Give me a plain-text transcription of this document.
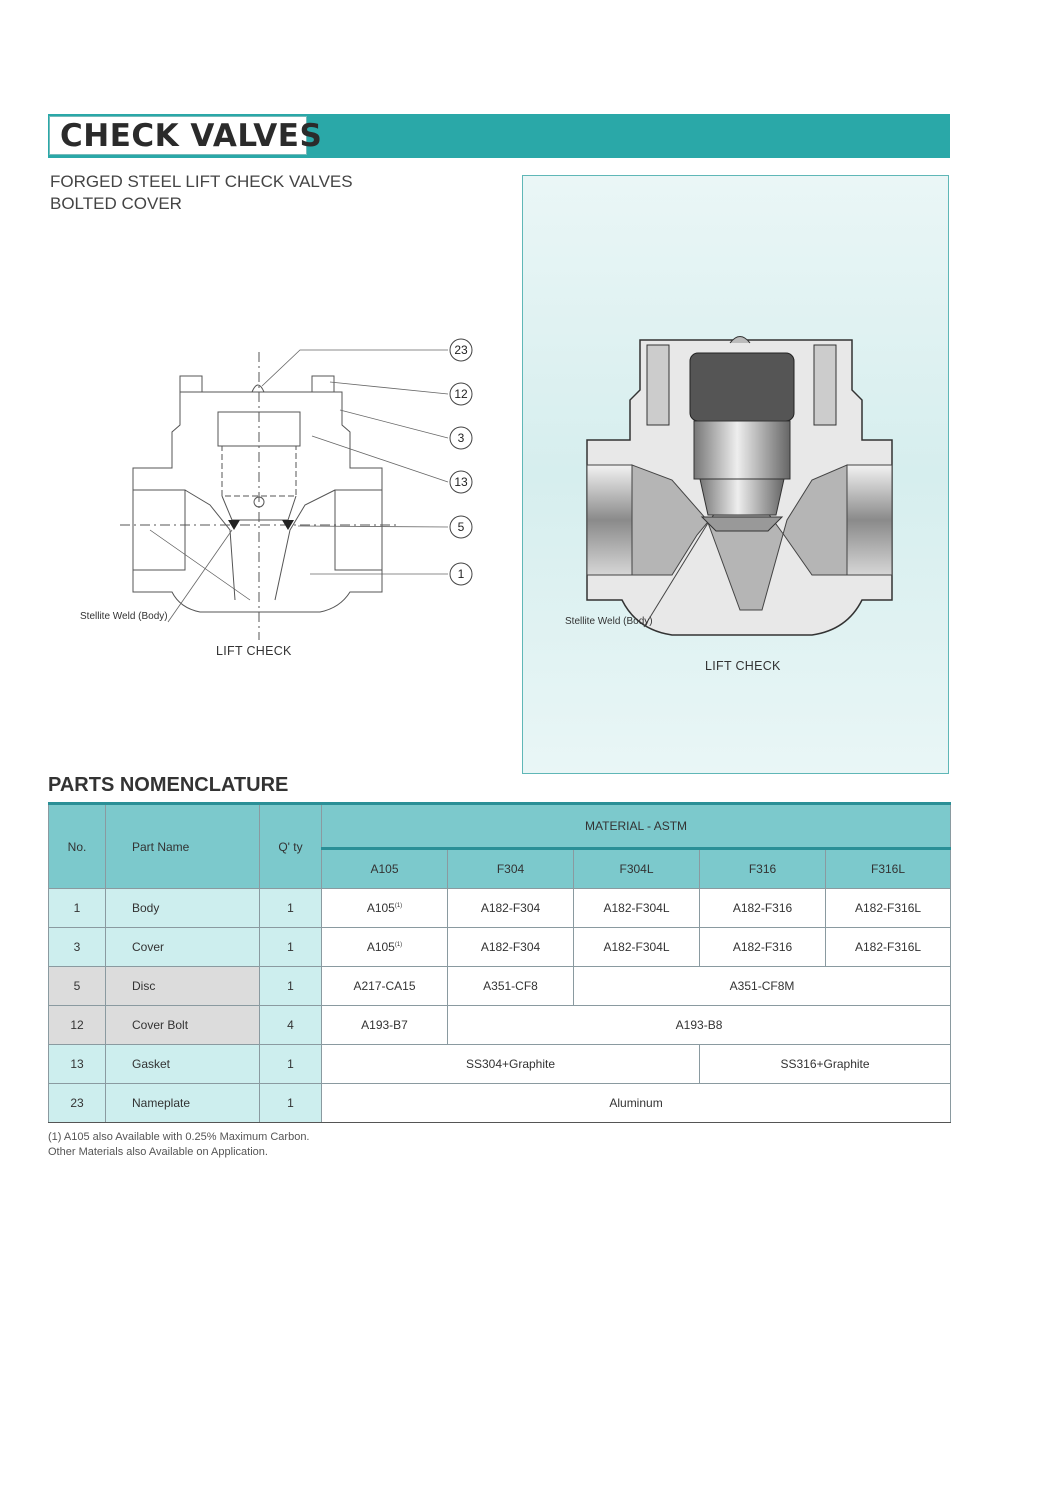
CHECK VALVES
FORGED STEEL LIFT CHECK VALVES
BOLTED COVER
23
12
3
13
5
1
Stellite Weld (Body)
LIFT CHECK
Stellite Weld (Body)
LIFT CHECK
PARTS NOMENCLATURE
No.	Part Name	Q' ty	MATERIAL - ASTM				
			A105	F304	F304L	F316	F316L
1	Body	1	A105$^{(1)}$	A182-F304	A182-F304L	A182-F316	A182-F316L
3	Cover	1	A105$^{(1)}$	A182-F304	A182-F304L	A182-F316	A182-F316L
5	Disc	1	A217-CA15	A351-CF8	A351-CF8M		
12	Cover Bolt	4	A193-B7	A193-B8			
13	Gasket	1	SS304+Graphite			SS316+Graphite	
23	Nameplate	1	Aluminum				
(1) A105 also Available with 0.25% Maximum Carbon.
Other Materials also Available on Application.
